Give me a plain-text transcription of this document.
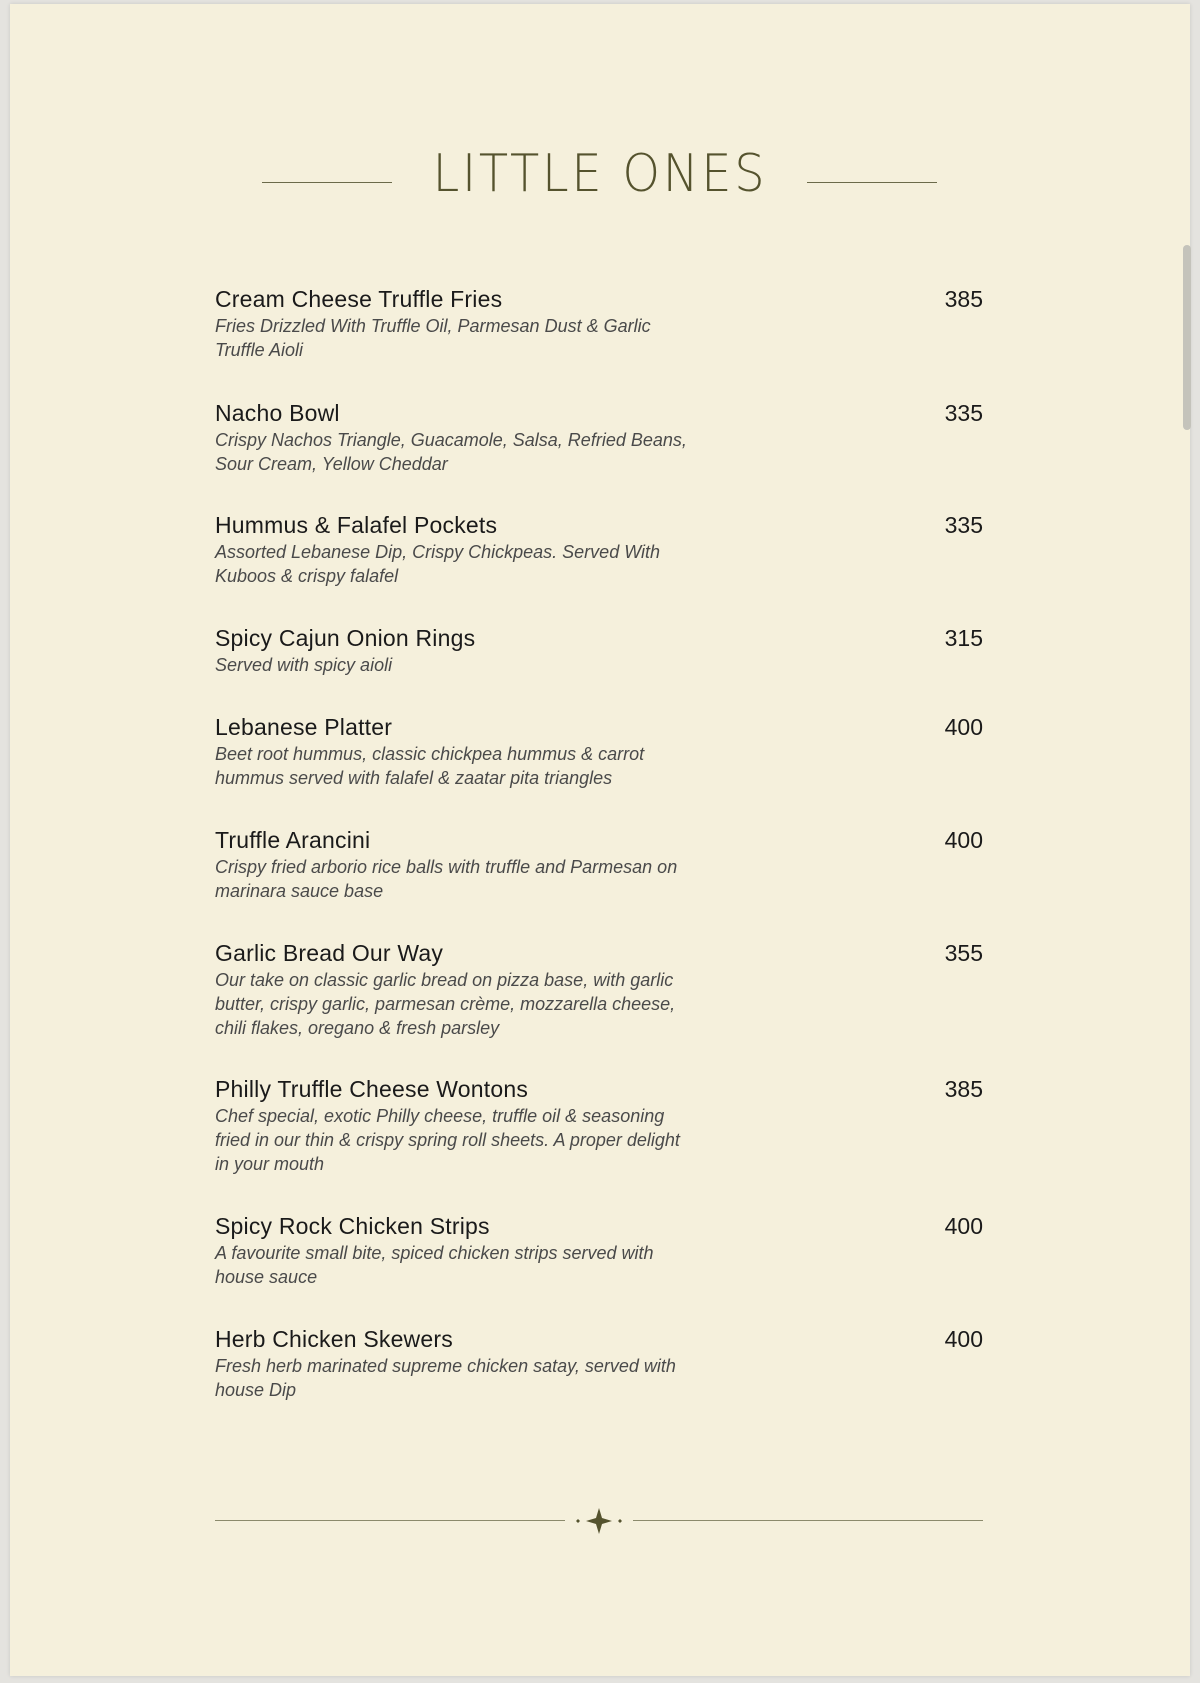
LITTLE ONES
Cream Cheese Truffle Fries
Fries Drizzled With Truffle Oil, Parmesan Dust & Garlic Truffle Aioli
385
Nacho Bowl
Crispy Nachos Triangle, Guacamole, Salsa, Refried Beans, Sour Cream, Yellow Cheddar
335
Hummus & Falafel Pockets
Assorted Lebanese Dip, Crispy Chickpeas. Served With Kuboos & crispy falafel
335
Spicy Cajun Onion Rings
Served with spicy aioli
315
Lebanese Platter
Beet root hummus, classic chickpea hummus & carrot hummus served with falafel & zaatar pita triangles
400
Truffle Arancini
Crispy fried arborio rice balls with truffle and Parmesan on marinara sauce base
400
Garlic Bread Our Way
Our take on classic garlic bread on pizza base, with garlic butter, crispy garlic, parmesan crème, mozzarella cheese, chili flakes, oregano & fresh parsley
355
Philly Truffle Cheese Wontons
Chef special, exotic Philly cheese, truffle oil & seasoning fried in our thin & crispy spring roll sheets. A proper delight in your mouth
385
Spicy Rock Chicken Strips
A favourite small bite, spiced chicken strips served with house sauce
400
Herb Chicken Skewers
Fresh herb marinated supreme chicken satay, served with house Dip
400
